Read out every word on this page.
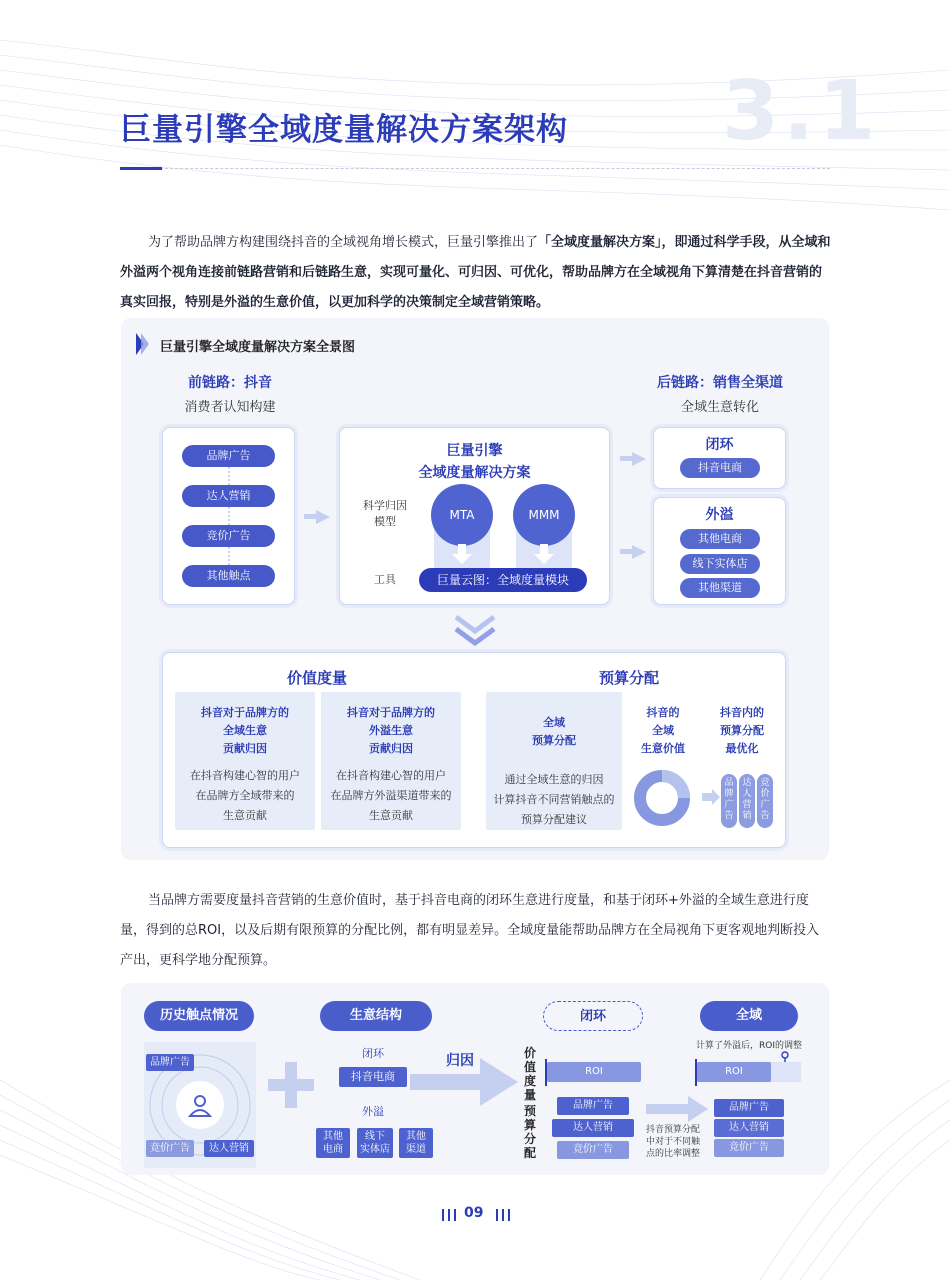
3.1
巨量引擎全域度量解决方案架构
为了帮助品牌方构建围绕抖音的全域视角增长模式，巨量引擎推出了「全域度量解决方案」，即通过科学手段，从全域和外溢两个视角连接前链路营销和后链路生意，实现可量化、可归因、可优化，帮助品牌方在全域视角下算清楚在抖音营销的真实回报，特别是外溢的生意价值，以更加科学的决策制定全域营销策略。
巨量引擎全域度量解决方案全景图
前链路：抖音
消费者认知构建
后链路：销售全渠道
全域生意转化
品牌广告
达人营销
竞价广告
其他触点
巨量引擎
全域度量解决方案
科学归因
模型	MTA	MMM
工具	巨量云图：全域度量模块
闭环
抖音电商
外溢
其他电商
线下实体店
其他渠道
价值度量	预算分配
抖音对于品牌方的
全域生意
贡献归因
在抖音构建心智的用户
在品牌方全域带来的
生意贡献
抖音对于品牌方的
外溢生意
贡献归因
在抖音构建心智的用户
在品牌方外溢渠道带来的
生意贡献
全域
预算分配
通过全域生意的归因
计算抖音不同营销触点的
预算分配建议
抖音的
全域
生意价值
抖音内的
预算分配
最优化
品牌广告
达人营销
竞价广告
当品牌方需要度量抖音营销的生意价值时，基于抖音电商的闭环生意进行度量，和基于闭环+外溢的全域生意进行度量，得到的总ROI，以及后期有限预算的分配比例，都有明显差异。全域度量能帮助品牌方在全局视角下更客观地判断投入产出，更科学地分配预算。
历史触点情况
品牌广告
竞价广告	达人营销
生意结构
闭环
抖音电商
外溢
其他
电商
线下
实体店
其他
渠道
归因	价值度量
预算分配
闭环
ROI
品牌广告
达人营销
竞价广告
抖音预算分配
中对于不同触
点的比率调整
全域
计算了外溢后，ROI的调整
ROI
品牌广告
达人营销
竞价广告
09
